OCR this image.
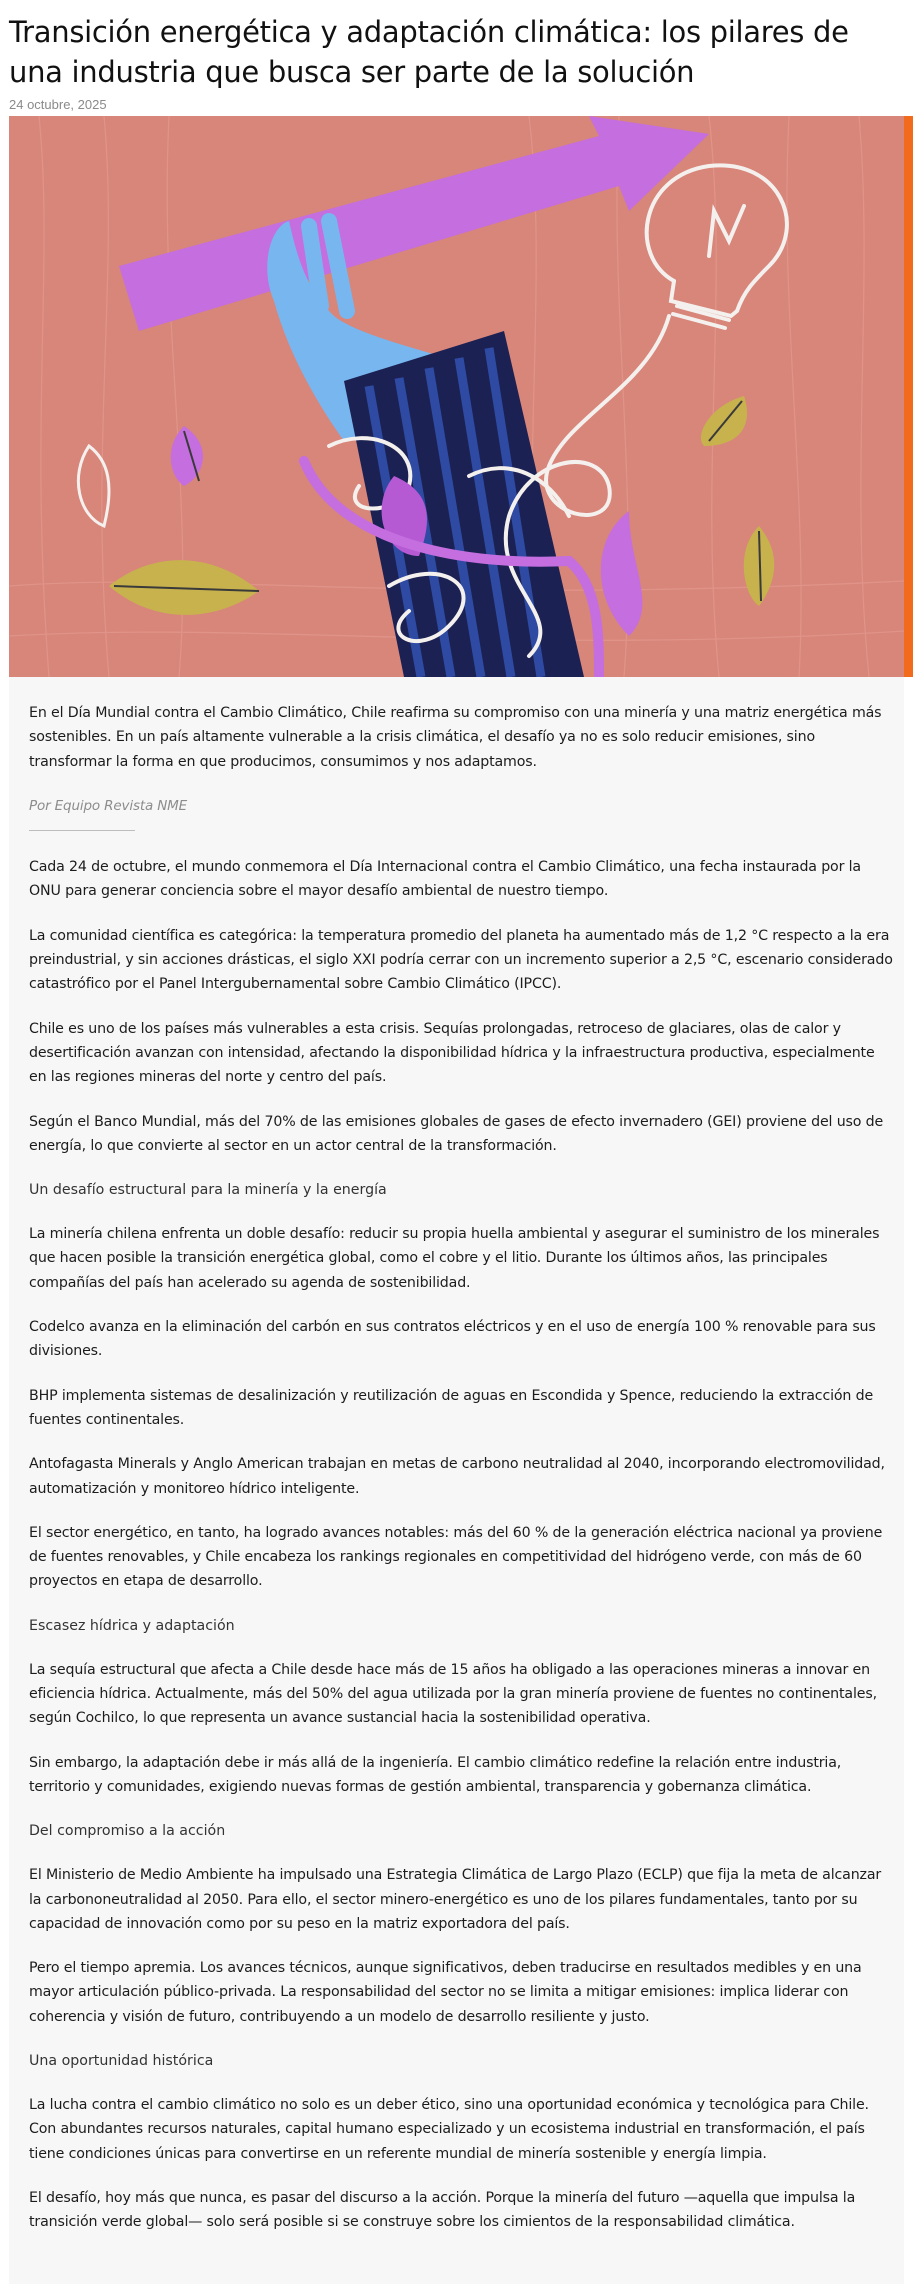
Transición energética y adaptación climática: los pilares de una industria que busca ser parte de la solución
24 octubre, 2025

En el Día Mundial contra el Cambio Climático, Chile reafirma su compromiso con una minería y una matriz energética más sostenibles. En un país altamente vulnerable a la crisis climática, el desafío ya no es solo reducir emisiones, sino transformar la forma en que producimos, consumimos y nos adaptamos.

Por Equipo Revista NME

Cada 24 de octubre, el mundo conmemora el Día Internacional contra el Cambio Climático, una fecha instaurada por la ONU para generar conciencia sobre el mayor desafío ambiental de nuestro tiempo.

La comunidad científica es categórica: la temperatura promedio del planeta ha aumentado más de 1,2 °C respecto a la era preindustrial, y sin acciones drásticas, el siglo XXI podría cerrar con un incremento superior a 2,5 °C, escenario considerado catastrófico por el Panel Intergubernamental sobre Cambio Climático (IPCC).

Chile es uno de los países más vulnerables a esta crisis. Sequías prolongadas, retroceso de glaciares, olas de calor y desertificación avanzan con intensidad, afectando la disponibilidad hídrica y la infraestructura productiva, especialmente en las regiones mineras del norte y centro del país.

Según el Banco Mundial, más del 70% de las emisiones globales de gases de efecto invernadero (GEI) proviene del uso de energía, lo que convierte al sector en un actor central de la transformación.

Un desafío estructural para la minería y la energía

La minería chilena enfrenta un doble desafío: reducir su propia huella ambiental y asegurar el suministro de los minerales que hacen posible la transición energética global, como el cobre y el litio. Durante los últimos años, las principales compañías del país han acelerado su agenda de sostenibilidad.

Codelco avanza en la eliminación del carbón en sus contratos eléctricos y en el uso de energía 100 % renovable para sus divisiones.

BHP implementa sistemas de desalinización y reutilización de aguas en Escondida y Spence, reduciendo la extracción de fuentes continentales.

Antofagasta Minerals y Anglo American trabajan en metas de carbono neutralidad al 2040, incorporando electromovilidad, automatización y monitoreo hídrico inteligente.

El sector energético, en tanto, ha logrado avances notables: más del 60 % de la generación eléctrica nacional ya proviene de fuentes renovables, y Chile encabeza los rankings regionales en competitividad del hidrógeno verde, con más de 60 proyectos en etapa de desarrollo.

Escasez hídrica y adaptación

La sequía estructural que afecta a Chile desde hace más de 15 años ha obligado a las operaciones mineras a innovar en eficiencia hídrica. Actualmente, más del 50% del agua utilizada por la gran minería proviene de fuentes no continentales, según Cochilco, lo que representa un avance sustancial hacia la sostenibilidad operativa.

Sin embargo, la adaptación debe ir más allá de la ingeniería. El cambio climático redefine la relación entre industria, territorio y comunidades, exigiendo nuevas formas de gestión ambiental, transparencia y gobernanza climática.

Del compromiso a la acción

El Ministerio de Medio Ambiente ha impulsado una Estrategia Climática de Largo Plazo (ECLP) que fija la meta de alcanzar la carbononeutralidad al 2050. Para ello, el sector minero-energético es uno de los pilares fundamentales, tanto por su capacidad de innovación como por su peso en la matriz exportadora del país.

Pero el tiempo apremia. Los avances técnicos, aunque significativos, deben traducirse en resultados medibles y en una mayor articulación público-privada. La responsabilidad del sector no se limita a mitigar emisiones: implica liderar con coherencia y visión de futuro, contribuyendo a un modelo de desarrollo resiliente y justo.

Una oportunidad histórica

La lucha contra el cambio climático no solo es un deber ético, sino una oportunidad económica y tecnológica para Chile. Con abundantes recursos naturales, capital humano especializado y un ecosistema industrial en transformación, el país tiene condiciones únicas para convertirse en un referente mundial de minería sostenible y energía limpia.

El desafío, hoy más que nunca, es pasar del discurso a la acción. Porque la minería del futuro —aquella que impulsa la transición verde global— solo será posible si se construye sobre los cimientos de la responsabilidad climática.
